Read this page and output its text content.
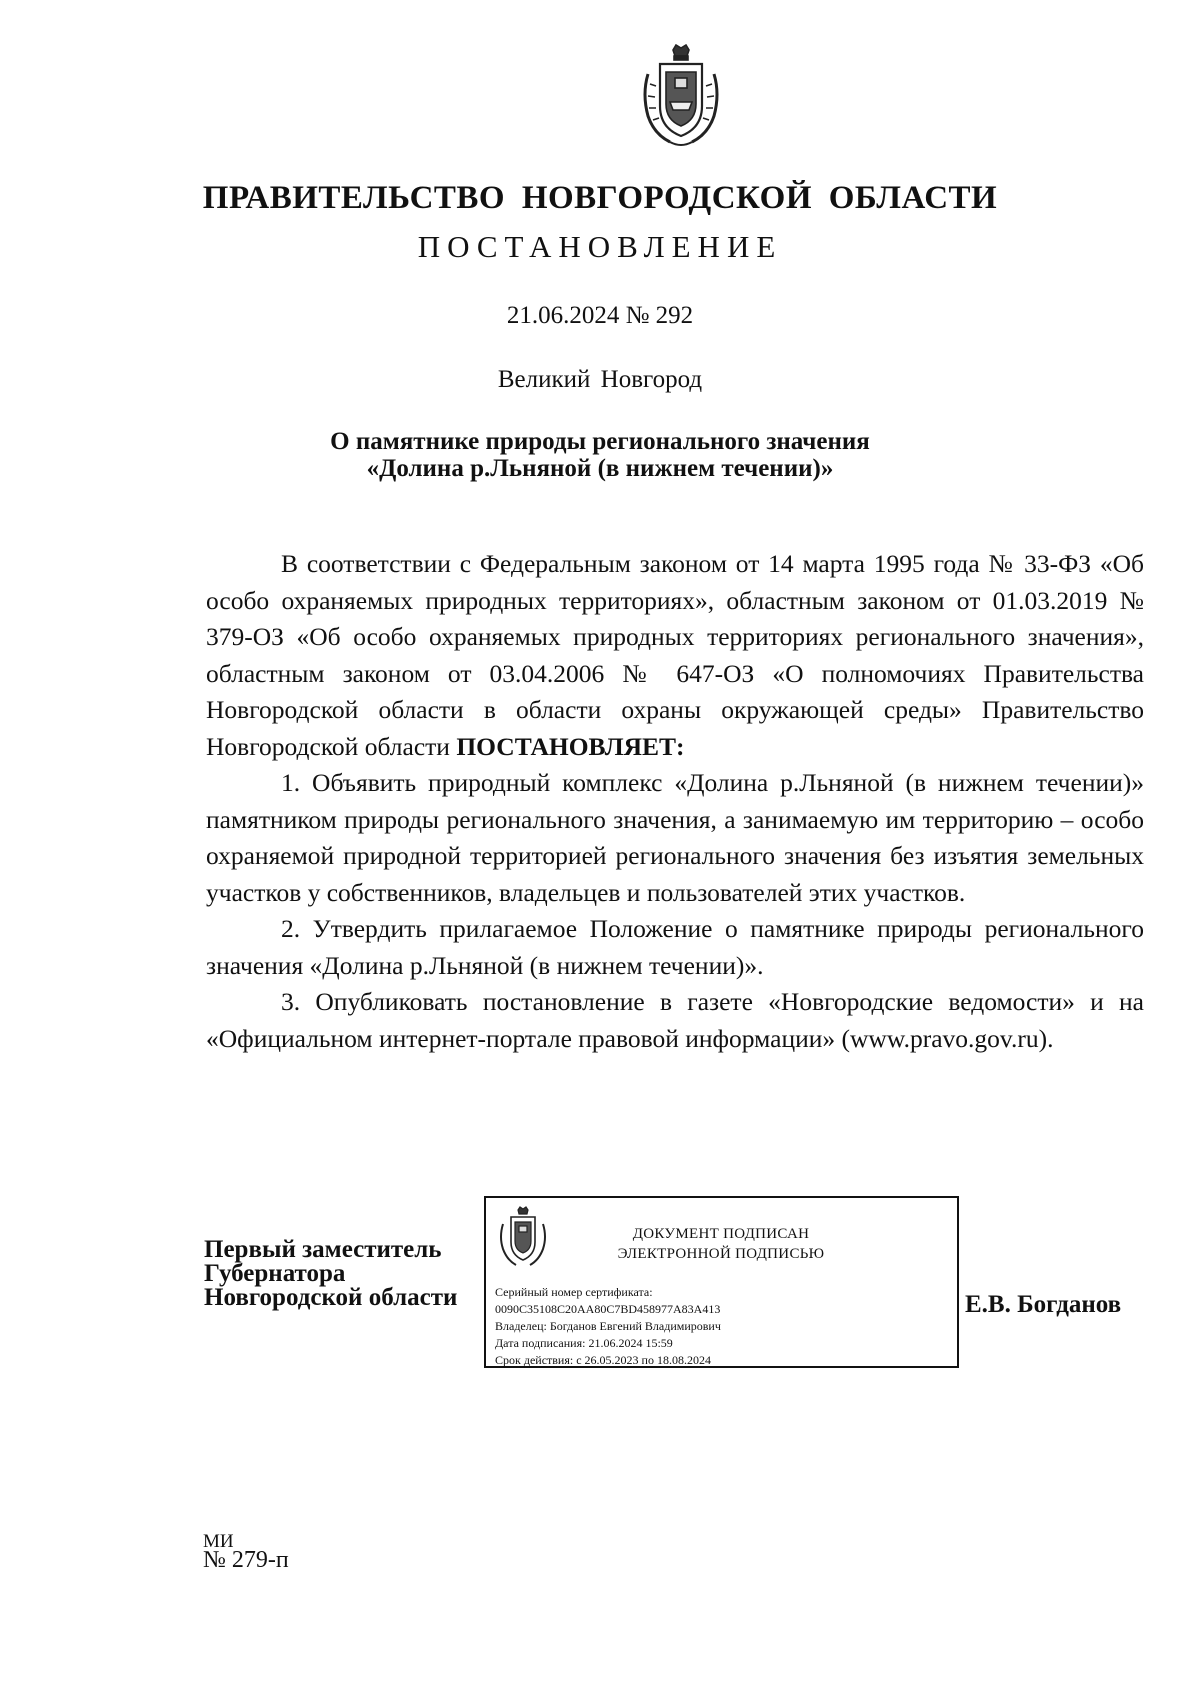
ПРАВИТЕЛЬСТВО НОВГОРОДСКОЙ ОБЛАСТИ
ПОСТАНОВЛЕНИЕ
21.06.2024 № 292
Великий Новгород
О памятнике природы регионального значения
«Долина р.Льняной (в нижнем течении)»

В соответствии с Федеральным законом от 14 марта 1995 года № 33-ФЗ «Об особо охраняемых природных территориях», областным законом от 01.03.2019 № 379-ОЗ «Об особо охраняемых природных территориях регионального значения», областным законом от 03.04.2006 № 647-ОЗ «О полномочиях Правительства Новгородской области в области охраны окружающей среды» Правительство Новгородской области ПОСТАНОВЛЯЕТ:

1. Объявить природный комплекс «Долина р.Льняной (в нижнем течении)» памятником природы регионального значения, а занимаемую им территорию – особо охраняемой природной территорией регионального значения без изъятия земельных участков у собственников, владельцев и пользователей этих участков.

2. Утвердить прилагаемое Положение о памятнике природы регионального значения «Долина р.Льняной (в нижнем течении)».

3. Опубликовать постановление в газете «Новгородские ведомости» и на «Официальном интернет-портале правовой информации» (www.pravo.gov.ru).

Первый заместитель
Губернатора
Новгородской области
ДОКУМЕНТ ПОДПИСАН
ЭЛЕКТРОННОЙ ПОДПИСЬЮ
Серийный номер сертификата:
0090C35108C20AA80C7BD458977A83A413
Владелец: Богданов Евгений Владимирович
Дата подписания: 21.06.2024 15:59
Срок действия: с 26.05.2023 по 18.08.2024
Е.В. Богданов
МИ
№ 279-п
